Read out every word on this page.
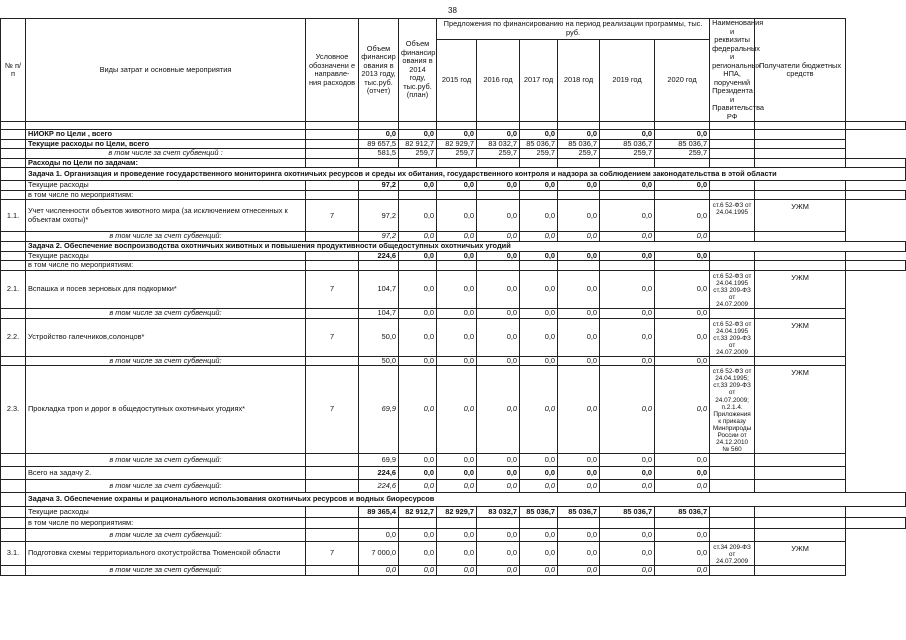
38
№ п/п	Виды затрат и основные мероприятия	Условное обозначени е направле- ния расходов	Объем финансир ования в 2013 году, тыс.руб. (отчет)	Объем финансир ования в 2014 году, тыс.руб. (план)	Предложения по финансированию на период реализации программы, тыс. руб.						Наименования и реквизиты федеральных и региональных НПА, поручений Президента и Правительства РФ	Получатели бюджетных средств	
					2015 год	2016 год	2017 год	2018 год	2019 год	2020 год			

	НИОКР по Цели , всего		0,0	0,0	0,0	0,0	0,0	0,0	0,0	0,0			
	Текущие расходы по Цели, всего		89 657,5	82 912,7	82 929,7	83 032,7	85 036,7	85 036,7	85 036,7	85 036,7			
	в том числе за счет субвенций :		581,5	259,7	259,7	259,7	259,7	259,7	259,7	259,7			
	Расходы по Цели по задачам:												
	Задача 1. Организация и проведение государственного мониторинга охотничьих ресурсов и среды их обитания, государственного контроля и надзора за соблюдением законодательства в этой области												
	Текущие расходы		97,2	0,0	0,0	0,0	0,0	0,0	0,0	0,0			
	в том числе по мероприятиям:												
1.1.	Учет численности объектов животного мира (за исключением отнесенных к объектам охоты)*	7	97,2	0,0	0,0	0,0	0,0	0,0	0,0	0,0	ст.6 52-ФЗ от 24.04.1995	УЖМ	
	в том числе за счет субвенций:		97,2	0,0	0,0	0,0	0,0	0,0	0,0	0,0			
	Задача 2. Обеспечение воспроизводства охотничьих животных и повышения продуктивности общедоступных охотничьих угодий												
	Текущие расходы		224,6	0,0	0,0	0,0	0,0	0,0	0,0	0,0			
	в том числе по мероприятиям:												
2.1.	Вспашка и посев зерновых для подкормки*	7	104,7	0,0	0,0	0,0	0,0	0,0	0,0	0,0	ст.6 52-ФЗ от 24.04.1995 ст.33 209-ФЗ от 24.07.2009	УЖМ	
	в том числе за счет субвенций:		104,7	0,0	0,0	0,0	0,0	0,0	0,0	0,0			
2.2.	Устройство галечников,солонцов*	7	50,0	0,0	0,0	0,0	0,0	0,0	0,0	0,0	ст.6 52-ФЗ от 24.04.1995 ст.33 209-ФЗ от 24.07.2009	УЖМ	
	в том числе за счет субвенций:		50,0	0,0	0,0	0,0	0,0	0,0	0,0	0,0			
2.3.	Прокладка троп и дорог в общедоступных охотничьих угодиях*	7	69,9	0,0	0,0	0,0	0,0	0,0	0,0	0,0	ст.6 52-ФЗ от 24.04.1995; ст.33 209-ФЗ от 24.07.2009; п.2.1.4. Приложения к приказу Минприроды России от 24.12.2010 № 560	УЖМ	
	в том числе за счет субвенций:		69,9	0,0	0,0	0,0	0,0	0,0	0,0	0,0			
	Всего на задачу 2.		224,6	0,0	0,0	0,0	0,0	0,0	0,0	0,0			
	в том числе за счет субвенций:		224,6	0,0	0,0	0,0	0,0	0,0	0,0	0,0			
	Задача 3. Обеспечение охраны и рационального использования охотничьих ресурсов и водных биоресурсов												
	Текущие расходы		89 365,4	82 912,7	82 929,7	83 032,7	85 036,7	85 036,7	85 036,7	85 036,7			
	в том числе по мероприятиям:												
	в том числе за счет субвенций:		0,0	0,0	0,0	0,0	0,0	0,0	0,0	0,0			
3.1.	Подготовка схемы территориального охотустройства Тюменской области	7	7 000,0	0,0	0,0	0,0	0,0	0,0	0,0	0,0	ст.34 209-ФЗ от 24.07.2009	УЖМ	
	в том числе за счет субвенций:		0,0	0,0	0,0	0,0	0,0	0,0	0,0	0,0			
